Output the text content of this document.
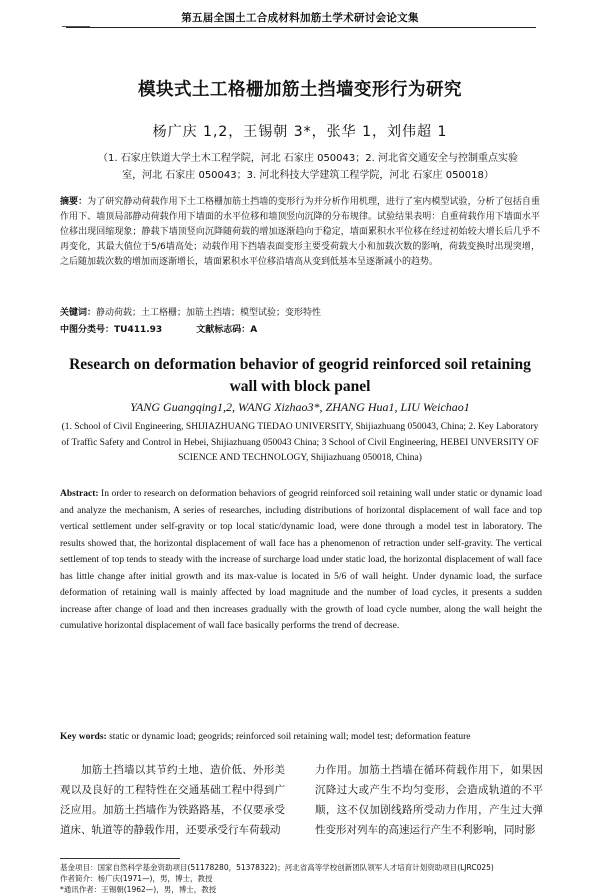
第五届全国土工合成材料加筋土学术研讨会论文集
模块式土工格栅加筋土挡墙变形行为研究
杨广庆 1,2，王锡朝 3*，张华 1，刘伟超 1
（1. 石家庄铁道大学土木工程学院，河北 石家庄 050043；2. 河北省交通安全与控制重点实验室，河北 石家庄 050043；3. 河北科技大学建筑工程学院，河北 石家庄 050018）
摘要：为了研究静动荷载作用下土工格栅加筋土挡墙的变形行为并分析作用机理，进行了室内模型试验，分析了包括自重作用下、墙顶局部静动荷载作用下墙面的水平位移和墙顶竖向沉降的分布规律。试验结果表明：自重荷载作用下墙面水平位移出现回缩现象；静载下墙顶竖向沉降随荷载的增加逐渐趋向于稳定，墙面累积水平位移在经过初始较大增长后几乎不再变化，其最大值位于5/6墙高处；动载作用下挡墙表面变形主要受荷载大小和加载次数的影响，荷载变换时出现突增，之后随加载次数的增加而逐渐增长，墙面累积水平位移沿墙高从变到低基本呈逐渐减小的趋势。
关键词：静动荷载；土工格栅；加筋土挡墙；模型试验；变形特性
中图分类号：TU411.93	文献标志码：A
Research on deformation behavior of geogrid reinforced soil retaining wall with block panel
YANG Guangqing1,2, WANG Xizhao3*, ZHANG Hua1, LIU Weichao1
(1. School of Civil Engineering, SHIJIAZHUANG TIEDAO UNIVERSITY, Shijiazhuang 050043, China; 2. Key Laboratory of Traffic Safety and Control in Hebei, Shijiazhuang 050043 China; 3 School of Civil Engineering, HEBEI UNVERSITY OF SCIENCE AND TECHNOLOGY, Shijiazhuang 050018, China)
Abstract: In order to research on deformation behaviors of geogrid reinforced soil retaining wall under static or dynamic load and analyze the mechanism, A series of researches, including distributions of horizontal displacement of wall face and top vertical settlement under self-gravity or top local static/dynamic load, were done through a model test in laboratory. The results showed that, the horizontal displacement of wall face has a phenomenon of retraction under self-gravity. The vertical settlement of top tends to steady with the increase of surcharge load under static load, the horizontal displacement of wall face has little change after initial growth and its max-value is located in 5/6 of wall height. Under dynamic load, the surface deformation of retaining wall is mainly affected by load magnitude and the number of load cycles, it presents a sudden increase after change of load and then increases gradually with the growth of load cycle number, along the wall height the cumulative horizontal displacement of wall face basically performs the trend of decrease.
Key words: static or dynamic load; geogrids; reinforced soil retaining wall; model test; deformation feature
加筋土挡墙以其节约土地、造价低、外形美观以及良好的工程特性在交通基础工程中得到广泛应用。加筋土挡墙作为铁路路基，不仅要承受道床、轨道等的静载作用，还要承受行车荷载动
力作用。加筋土挡墙在循环荷载作用下，如果因沉降过大或产生不均匀变形，会造成轨道的不平顺，这不仅加剧线路所受动力作用，产生过大弹性变形对列车的高速运行产生不利影响，同时影
基金项目：国家自然科学基金资助项目(51178280，51378322)；河北省高等学校创新团队领军人才培育计划资助项目(LJRC025)
作者简介：杨广庆(1971—)，男，博士，教授
*通讯作者：王锡朝(1962—)，男，博士，教授
